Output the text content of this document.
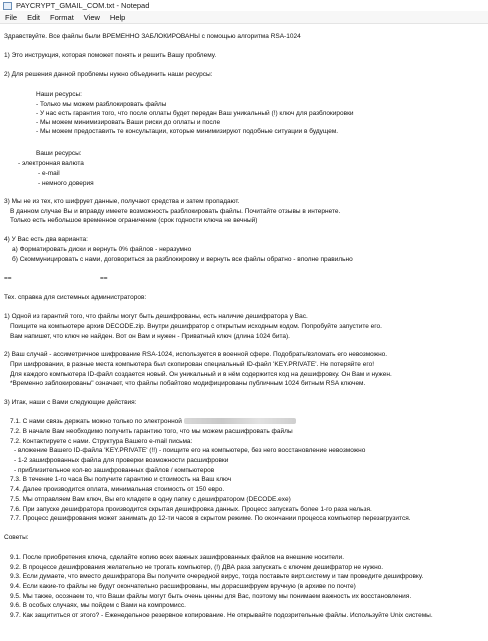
PAYCRYPT_GMAIL_COM.txt - Notepad
File	Edit	Format	View	Help
Здравствуйте. Все файлы были ВРЕМЕННО ЗАБЛОКИРОВАНЫ с помощью алгоритма RSA-1024
1) Это инструкция, которая поможет понять и решить Вашу проблему.
2) Для решения данной проблемы нужно объединить наши ресурсы:
Наши ресурсы:
- Только мы можем разблокировать файлы
- У нас есть гарантия того, что после оплаты будет передан Ваш уникальный (!) ключ для разблокировки
- Мы можем минимизировать Ваши риски до оплаты и после
- Мы можем предоставить те консультации, которые минимизируют подобные ситуации в будущем.
Ваши ресурсы:
- электронная валюта
- e-mail
- немного доверия
3) Мы не из тех, кто шифрует данные, получают средства и затем пропадают.
В данном случае Вы и вправду имеете возможность разблокировать файлы. Почитайте отзывы в интернете.
Только есть небольшое временное ограничение (срок годности ключа не вечный)
4) У Вас есть два варианта:
а) Форматировать диски и вернуть 0% файлов - неразумно
б) Скоммуницировать с нами, договориться за разблокировку и вернуть все файлы обратно - вполне правильно
==	==
Тех. справка для системных администраторов:
1) Одной из гарантий того, что файлы могут быть дешифрованы, есть наличие дешифратора у Вас.
Поищите на компьютере архив DECODE.zip. Внутри дешифратор с открытым исходным кодом. Попробуйте запустите его.
Вам напишет, что ключ не найден. Вот он Вам и нужен - Приватный ключ (длина 1024 бита).
2) Ваш случай - ассиметричное шифрование RSA-1024, используется в военной сфере. Подобрать/взломать его невозможно.
При шифровании, в разные места компьютера был скопирован специальный ID-файл 'KEY.PRIVATE'. Не потеряйте его!
Для каждого компьютера ID-файл создается новый. Он уникальный и в нём содержится код на дешифровку. Он Вам и нужен.
*Временно заблокированы" означает, что файлы побайтово модифицированы публичным 1024 битным RSA ключем.
3) Итак, наши с Вами следующие действия:
7.1. С нами связь держать можно только по электронной
7.2. В начале Вам необходимо получить гарантию того, что мы можем расшифровать файлы
7.2. Контактируете с нами. Структура Вашего e-mail письма:
- вложение Вашего ID-файла 'KEY.PRIVATE' (!!) - поищите его на компьютере, без него восстановление невозможно
- 1-2 зашифрованных файла для проверки возможности расшифровки
- приблизительное кол-во зашифрованных файлов / компьютеров
7.3. В течение 1-го часа Вы получите гарантию и стоимость на Ваш ключ
7.4. Далее производится оплата, минимальная стоимость от 150 евро.
7.5. Мы отправляем Вам ключ, Вы его кладете в одну папку с дешифратором (DECODE.exe)
7.6. При запуске дешифратора производится скрытая дешифровка данных. Процесс запускать более 1-го раза нельзя.
7.7. Процесс дешифрования может занимать до 12-ти часов в скрытом режиме. По окончании процесса компьютер перезагрузится.
Советы:
9.1. После приобретения ключа, сделайте копию всех важных зашифрованных файлов на внешние носители.
9.2. В процессе дешифрования желательно не трогать компьютер, (!) ДВА раза запускать с ключем дешифратор не нужно.
9.3. Если думаете, что вместо дешифратора Вы получите очередной вирус, тогда поставьте вирт.систему и там проведите дешифровку.
9.4. Если какие-то файлы не будут окончательно расшифрованы, мы дорасшифруем вручную (в архиве по почте)
9.5. Мы также, осознаем то, что Ваши файлы могут быть очень ценны для Вас, поэтому мы понимаем важность их восстановления.
9.6. В особых случаях, мы пойдем с Вами на компромисс.
9.7. Как защититься от этого? - Еженедельное резервное копирование. Не открывайте подозрительные файлы. Используйте Unix системы.
